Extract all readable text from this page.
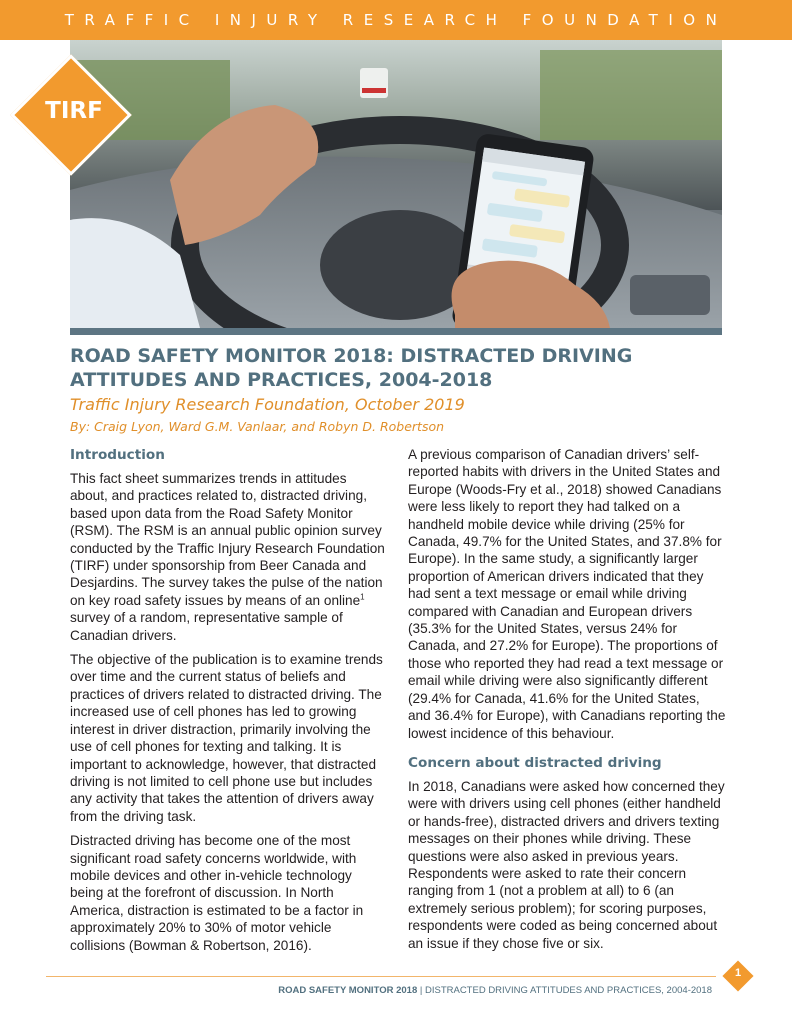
TRAFFIC INJURY RESEARCH FOUNDATION
TIRF
ROAD SAFETY MONITOR 2018: DISTRACTED DRIVING ATTITUDES AND PRACTICES, 2004-2018

Traffic Injury Research Foundation, October 2019

By: Craig Lyon, Ward G.M. Vanlaar, and Robyn D. Robertson

Introduction

This fact sheet summarizes trends in attitudes about, and practices related to, distracted driving, based upon data from the Road Safety Monitor (RSM). The RSM is an annual public opinion survey conducted by the Traffic Injury Research Foundation (TIRF) under sponsorship from Beer Canada and Desjardins. The survey takes the pulse of the nation on key road safety issues by means of an online$^1$ survey of a random, representative sample of Canadian drivers.

The objective of the publication is to examine trends over time and the current status of beliefs and practices of drivers related to distracted driving. The increased use of cell phones has led to growing interest in driver distraction, primarily involving the use of cell phones for texting and talking. It is important to acknowledge, however, that distracted driving is not limited to cell phone use but includes any activity that takes the attention of drivers away from the driving task.

Distracted driving has become one of the most significant road safety concerns worldwide, with mobile devices and other in-vehicle technology being at the forefront of discussion. In North America, distraction is estimated to be a factor in approximately 20% to 30% of motor vehicle collisions (Bowman & Robertson, 2016).

A previous comparison of Canadian drivers’ self-reported habits with drivers in the United States and Europe (Woods-Fry et al., 2018) showed Canadians were less likely to report they had talked on a handheld mobile device while driving (25% for Canada, 49.7% for the United States, and 37.8% for Europe). In the same study, a significantly larger proportion of American drivers indicated that they had sent a text message or email while driving compared with Canadian and European drivers (35.3% for the United States, versus 24% for Canada, and 27.2% for Europe). The proportions of those who reported they had read a text message or email while driving were also significantly different (29.4% for Canada, 41.6% for the United States, and 36.4% for Europe), with Canadians reporting the lowest incidence of this behaviour.

Concern about distracted driving

In 2018, Canadians were asked how concerned they were with drivers using cell phones (either handheld or hands-free), distracted drivers and drivers texting messages on their phones while driving. These questions were also asked in previous years. Respondents were asked to rate their concern ranging from 1 (not a problem at all) to 6 (an extremely serious problem); for scoring purposes, respondents were coded as being concerned about an issue if they chose five or six.

ROAD SAFETY MONITOR 2018 | DISTRACTED DRIVING ATTITUDES AND PRACTICES, 2004-2018
1
